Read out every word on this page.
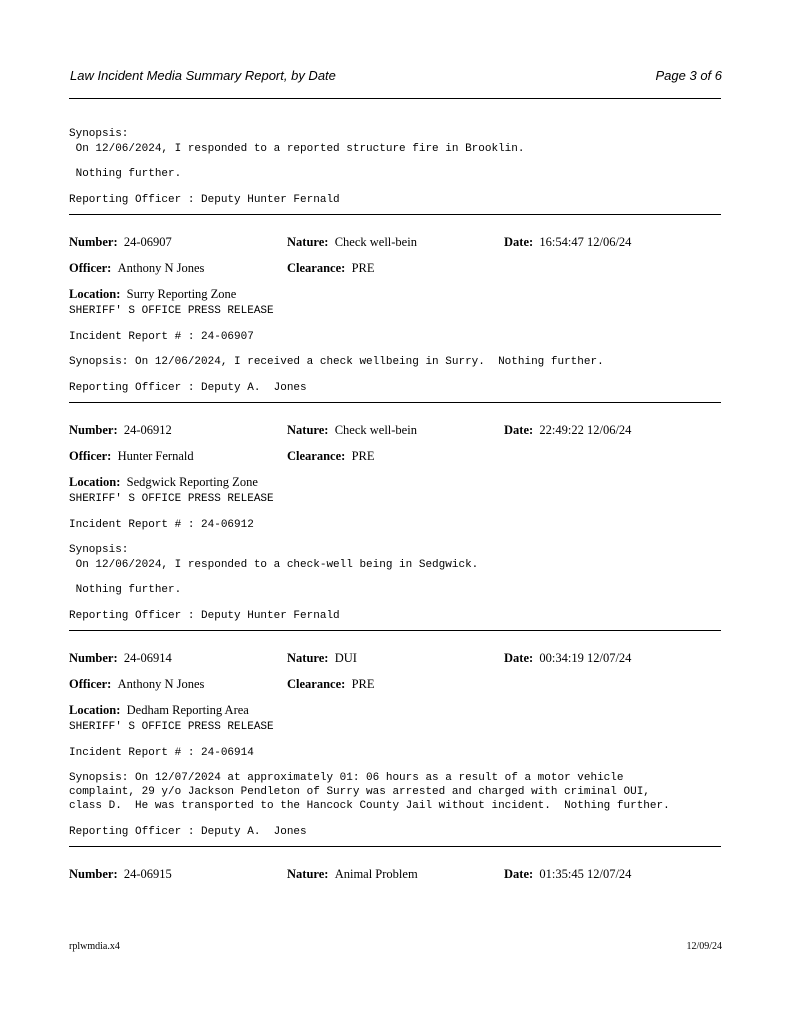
Law Incident Media Summary Report, by Date	Page 3 of 6
Synopsis:
On 12/06/2024, I responded to a reported structure fire in Brooklin.
Nothing further.
Reporting Officer : Deputy Hunter Fernald
Number: 24-06907	Nature: Check well-bein	Date: 16:54:47 12/06/24
Officer: Anthony N Jones	Clearance: PRE
Location: Surry Reporting Zone
SHERIFF' S OFFICE PRESS RELEASE
Incident Report # : 24-06907
Synopsis: On 12/06/2024, I received a check wellbeing in Surry.  Nothing further.
Reporting Officer : Deputy A.  Jones
Number: 24-06912	Nature: Check well-bein	Date: 22:49:22 12/06/24
Officer: Hunter Fernald	Clearance: PRE
Location: Sedgwick Reporting Zone
SHERIFF' S OFFICE PRESS RELEASE
Incident Report # : 24-06912
Synopsis:
On 12/06/2024, I responded to a check-well being in Sedgwick.
Nothing further.
Reporting Officer : Deputy Hunter Fernald
Number: 24-06914	Nature: DUI	Date: 00:34:19 12/07/24
Officer: Anthony N Jones	Clearance: PRE
Location: Dedham Reporting Area
SHERIFF' S OFFICE PRESS RELEASE
Incident Report # : 24-06914
Synopsis: On 12/07/2024 at approximately 01: 06 hours as a result of a motor vehicle
complaint, 29 y/o Jackson Pendleton of Surry was arrested and charged with criminal OUI,
class D.  He was transported to the Hancock County Jail without incident.  Nothing further.
Reporting Officer : Deputy A.  Jones
Number: 24-06915	Nature: Animal Problem	Date: 01:35:45 12/07/24
rplwmdia.x4	12/09/24
